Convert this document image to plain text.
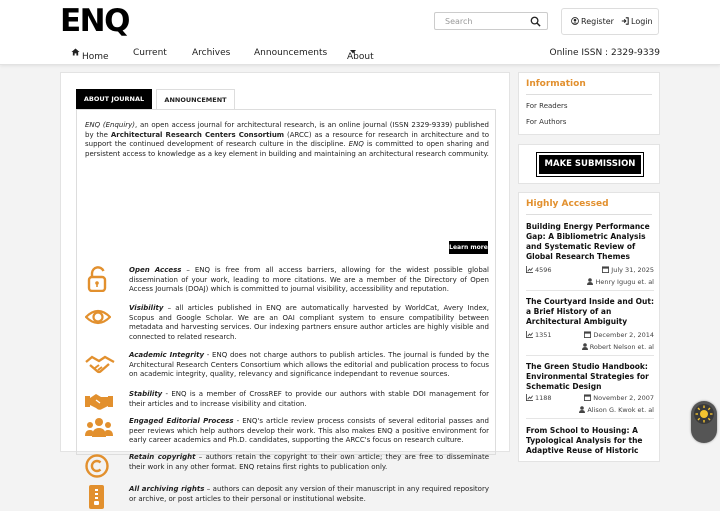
ENQ
Search	Register	Login
Home	Current	Archives	Announcements About	Online ISSN : 2329-9339
ABOUT JOURNAL	ANNOUNCEMENT
ENQ (Enquiry), an open access journal for architectural research, is an online journal (ISSN 2329-9339) published by the Architectural Research Centers Consortium (ARCC) as a resource for research in architecture and to support the continued development of research culture in the discipline. ENQ is committed to open sharing and persistent access to knowledge as a key element in building and maintaining an architectural research community.
Learn more
Open Access – ENQ is free from all access barriers, allowing for the widest possible global dissemination of your work, leading to more citations. We are a member of the Directory of Open Access Journals (DOAJ) which is committed to journal visibility, accessibility and reputation.
Visibility – all articles published in ENQ are automatically harvested by WorldCat, Avery Index, Scopus and Google Scholar. We are an OAI compliant system to ensure compatibility between metadata and harvesting services. Our indexing partners ensure author articles are highly visible and connected to related research.
Academic Integrity - ENQ does not charge authors to publish articles. The journal is funded by the Architectural Research Centers Consortium which allows the editorial and publication process to focus on academic integrity, quality, relevancy and significance independant to revenue sources.
Stability - ENQ is a member of CrossREF to provide our authors with stable DOI management for their articles and to increase visibility and citation.
Engaged Editorial Process - ENQ's article review process consists of several editorial passes and peer reviews which help authors develop their work. This also makes ENQ a positive environment for early career academics and Ph.D. candidates, supporting the ARCC's focus on research culture.
Retain copyright – authors retain the copyright to their own article; they are free to disseminate their work in any other format. ENQ retains first rights to publication only.
All archiving rights – authors can deposit any version of their manuscript in any required repository or archive, or post articles to their personal or institutional website.
Information
For Readers
For Authors
MAKE SUBMISSION
Highly Accessed
Building Energy Performance Gap: A Bibliometric Analysis and Systematic Review of Global Research Themes
4596	July 31, 2025
Henry Igugu et. al
The Courtyard Inside and Out: a Brief History of an Architectural Ambiguity
1351	December 2, 2014
Robert Nelson et. al
The Green Studio Handbook: Environmental Strategies for Schematic Design
1188	November 2, 2007
Alison G. Kwok et. al
From School to Housing: A Typological Analysis for the Adaptive Reuse of Historic
